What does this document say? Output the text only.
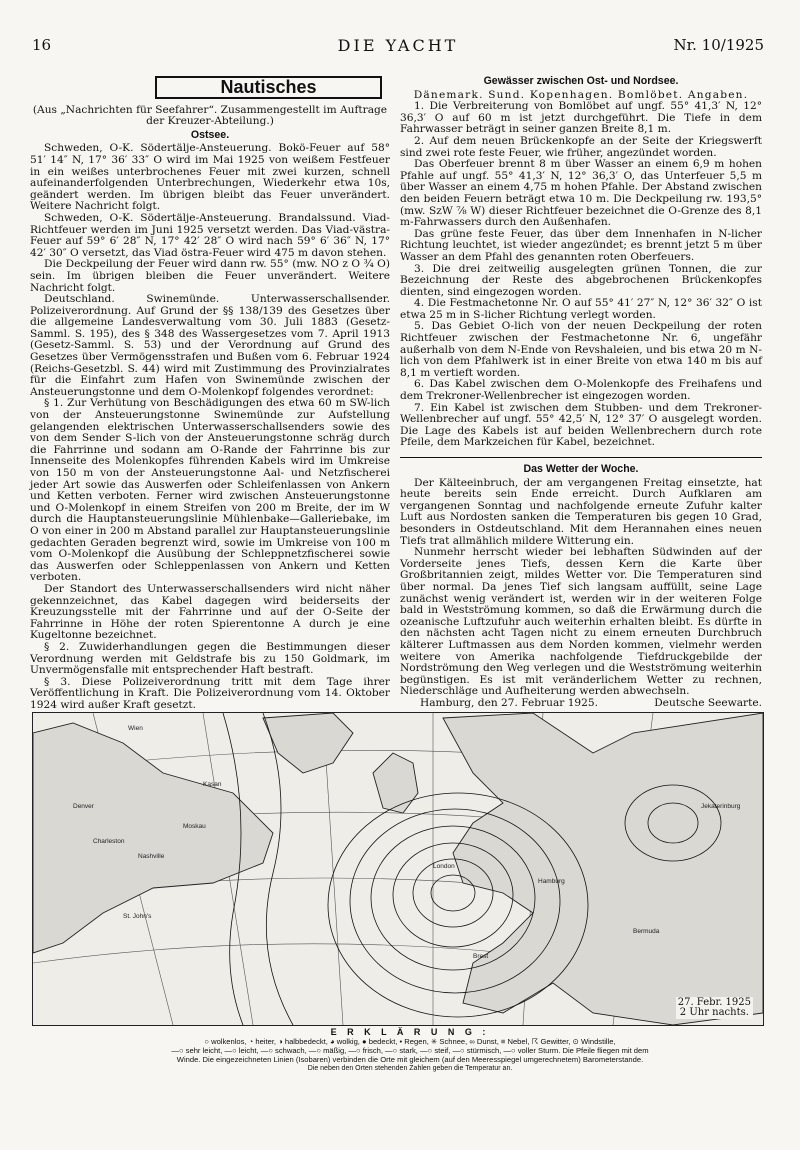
16	DIE YACHT	Nr. 10/1925
Nautisches
(Aus „Nachrichten für Seefahrer“. Zusammengestellt im Auftrage der Kreuzer-Abteilung.)
Ostsee.

Schweden, O-K. Södertälje-Ansteuerung. Bokö-Feuer auf 58° 51′ 14″ N, 17° 36′ 33″ O wird im Mai 1925 von weißem Festfeuer in ein weißes unterbrochenes Feuer mit zwei kurzen, schnell aufeinanderfolgenden Unterbrechungen, Wiederkehr etwa 10s, geändert werden. Im übrigen bleibt das Feuer unverändert. Weitere Nachricht folgt.

Schweden, O-K. Södertälje-Ansteuerung. Brandalssund. Viad-Richtfeuer werden im Juni 1925 versetzt werden. Das Viad-västra-Feuer auf 59° 6′ 28″ N, 17° 42′ 28″ O wird nach 59° 6′ 36″ N, 17° 42′ 30″ O versetzt, das Viad östra-Feuer wird 475 m davon stehen.

Die Deckpeilung der Feuer wird dann rw. 55° (mw. NO z O ¾ O) sein. Im übrigen bleiben die Feuer unverändert. Weitere Nachricht folgt.

Deutschland. Swinemünde. Unterwasserschallsender. Polizeiverordnung. Auf Grund der §§ 138/139 des Gesetzes über die allgemeine Landesverwaltung vom 30. Juli 1883 (Gesetz-Samml. S. 195), des § 348 des Wassergesetzes vom 7. April 1913 (Gesetz-Samml. S. 53) und der Verordnung auf Grund des Gesetzes über Vermögensstrafen und Bußen vom 6. Februar 1924 (Reichs-Gesetzbl. S. 44) wird mit Zustimmung des Provinzialrates für die Einfahrt zum Hafen von Swinemünde zwischen der Ansteuerungstonne und dem O-Molenkopf folgendes verordnet:

§ 1. Zur Verhütung von Beschädigungen des etwa 60 m SW-lich von der Ansteuerungstonne Swinemünde zur Aufstellung gelangenden elektrischen Unterwasserschallsenders sowie des von dem Sender S-lich von der Ansteuerungstonne schräg durch die Fahrrinne und sodann am O-Rande der Fahrrinne bis zur Innenseite des Molenkopfes führenden Kabels wird im Umkreise von 150 m von der Ansteuerungstonne Aal- und Netzfischerei jeder Art sowie das Auswerfen oder Schleifenlassen von Ankern und Ketten verboten. Ferner wird zwischen Ansteuerungstonne und O-Molenkopf in einem Streifen von 200 m Breite, der im W durch die Hauptansteuerungslinie Mühlenbake—Galleriebake, im O von einer in 200 m Abstand parallel zur Hauptansteuerungslinie gedachten Geraden begrenzt wird, sowie im Umkreise von 100 m vom O-Molenkopf die Ausübung der Schleppnetzfischerei sowie das Auswerfen oder Schleppenlassen von Ankern und Ketten verboten.

Der Standort des Unterwasserschallsenders wird nicht näher gekennzeichnet, das Kabel dagegen wird beiderseits der Kreuzungsstelle mit der Fahrrinne und auf der O-Seite der Fahrrinne in Höhe der roten Spierentonne A durch je eine Kugeltonne bezeichnet.

§ 2. Zuwiderhandlungen gegen die Bestimmungen dieser Verordnung werden mit Geldstrafe bis zu 150 Goldmark, im Unvermögensfalle mit entsprechender Haft bestraft.

§ 3. Diese Polizeiverordnung tritt mit dem Tage ihrer Veröffentlichung in Kraft. Die Polizeiverordnung vom 14. Oktober 1924 wird außer Kraft gesetzt.

Gewässer zwischen Ost- und Nordsee.
Dänemark. Sund. Kopenhagen. Bomlöbet. Angaben.

1. Die Verbreiterung von Bomlöbet auf ungf. 55° 41,3′ N, 12° 36,3′ O auf 60 m ist jetzt durchgeführt. Die Tiefe in dem Fahrwasser beträgt in seiner ganzen Breite 8,1 m.

2. Auf dem neuen Brückenkopfe an der Seite der Kriegswerft sind zwei rote feste Feuer, wie früher, angezündet worden.

Das Oberfeuer brennt 8 m über Wasser an einem 6,9 m hohen Pfahle auf ungf. 55° 41,3′ N, 12° 36,3′ O, das Unterfeuer 5,5 m über Wasser an einem 4,75 m hohen Pfahle. Der Abstand zwischen den beiden Feuern beträgt etwa 10 m. Die Deckpeilung rw. 193,5° (mw. SzW ⅞ W) dieser Richtfeuer bezeichnet die O-Grenze des 8,1 m-Fahrwassers durch den Außenhafen.

Das grüne feste Feuer, das über dem Innenhafen in N-licher Richtung leuchtet, ist wieder angezündet; es brennt jetzt 5 m über Wasser an dem Pfahl des genannten roten Oberfeuers.

3. Die drei zeitweilig ausgelegten grünen Tonnen, die zur Bezeichnung der Reste des abgebrochenen Brückenkopfes dienten, sind eingezogen worden.

4. Die Festmachetonne Nr. O auf 55° 41′ 27″ N, 12° 36′ 32″ O ist etwa 25 m in S-licher Richtung verlegt worden.

5. Das Gebiet O-lich von der neuen Deckpeilung der roten Richtfeuer zwischen der Festmachetonne Nr. 6, ungefähr außerhalb von dem N-Ende von Revshaleien, und bis etwa 20 m N-lich von dem Pfahlwerk ist in einer Breite von etwa 140 m bis auf 8,1 m vertieft worden.

6. Das Kabel zwischen dem O-Molenkopfe des Freihafens und dem Trekroner-Wellenbrecher ist eingezogen worden.

7. Ein Kabel ist zwischen dem Stubben- und dem Trekroner-Wellenbrecher auf ungf. 55° 42,5′ N, 12° 37′ O ausgelegt worden. Die Lage des Kabels ist auf beiden Wellenbrechern durch rote Pfeile, dem Markzeichen für Kabel, bezeichnet.

Das Wetter der Woche.

Der Kälteeinbruch, der am vergangenen Freitag einsetzte, hat heute bereits sein Ende erreicht. Durch Aufklaren am vergangenen Sonntag und nachfolgende erneute Zufuhr kalter Luft aus Nordosten sanken die Temperaturen bis gegen 10 Grad, besonders in Ostdeutschland. Mit dem Herannahen eines neuen Tiefs trat allmählich mildere Witterung ein.

Nunmehr herrscht wieder bei lebhaften Südwinden auf der Vorderseite jenes Tiefs, dessen Kern die Karte über Großbritannien zeigt, mildes Wetter vor. Die Temperaturen sind über normal. Da jenes Tief sich langsam auffüllt, seine Lage zunächst wenig verändert ist, werden wir in der weiteren Folge bald in Westströmung kommen, so daß die Erwärmung durch die ozeanische Luftzufuhr auch weiterhin erhalten bleibt. Es dürfte in den nächsten acht Tagen nicht zu einem erneuten Durchbruch kälterer Luftmassen aus dem Norden kommen, vielmehr werden weitere von Amerika nachfolgende Tiefdruckgebilde der Nordströmung den Weg verlegen und die Westströmung weiterhin begünstigen. Es ist mit veränderlichem Wetter zu rechnen, Niederschläge und Aufheiterung werden abwechseln.

Hamburg, den 27. Februar 1925.	Deutsche Seewarte.
Wien
Kasan
Denver
Moskau
Charleston
Nashville
St. John's
London
Hamburg
Bermuda
Brest
Jekaterinburg
27. Febr. 1925
2 Uhr nachts.
E R K L Ä R U N G :
○ wolkenlos, ◔ heiter, ◑ halbbedeckt, ◕ wolkig, ● bedeckt, • Regen, ✳ Schnee, ∞ Dunst, ≡ Nebel, ☈ Gewitter, ⊙ Windstille,
—○ sehr leicht, —○ leicht, —○ schwach, —○ mäßig, —○ frisch, —○ stark, —○ steif, —○ stürmisch, —○ voller Sturm. Die Pfeile fliegen mit dem
Winde. Die eingezeichneten Linien (Isobaren) verbinden die Orte mit gleichem (auf den Meeresspiegel umgerechnetem) Barometerstande.
Die neben den Orten stehenden Zahlen geben die Temperatur an.
